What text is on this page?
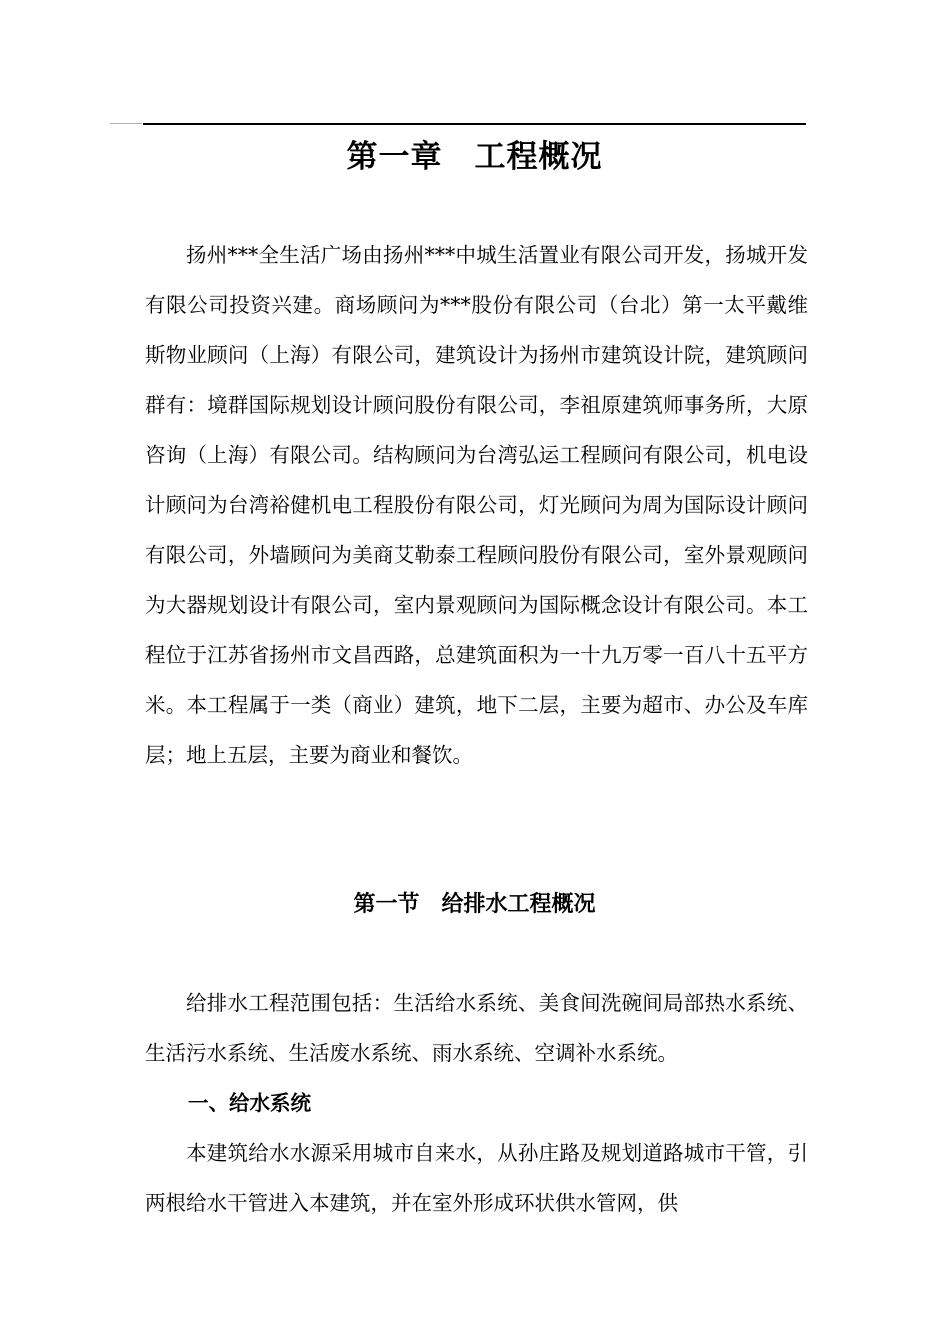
第一章　工程概况

扬州***全生活广场由扬州***中城生活置业有限公司开发，扬城开发有限公司投资兴建。商场顾问为***股份有限公司（台北）第一太平戴维斯物业顾问（上海）有限公司，建筑设计为扬州市建筑设计院，建筑顾问群有：境群国际规划设计顾问股份有限公司，李祖原建筑师事务所，大原咨询（上海）有限公司。结构顾问为台湾弘运工程顾问有限公司，机电设计顾问为台湾裕健机电工程股份有限公司，灯光顾问为周为国际设计顾问有限公司，外墙顾问为美商艾勒泰工程顾问股份有限公司，室外景观顾问为大器规划设计有限公司，室内景观顾问为国际概念设计有限公司。本工程位于江苏省扬州市文昌西路，总建筑面积为一十九万零一百八十五平方米。本工程属于一类（商业）建筑，地下二层，主要为超市、办公及车库层；地上五层，主要为商业和餐饮。

第一节　给排水工程概况

给排水工程范围包括：生活给水系统、美食间洗碗间局部热水系统、生活污水系统、生活废水系统、雨水系统、空调补水系统。

一、给水系统

本建筑给水水源采用城市自来水，从孙庄路及规划道路城市干管，引两根给水干管进入本建筑，并在室外形成环状供水管网，供
